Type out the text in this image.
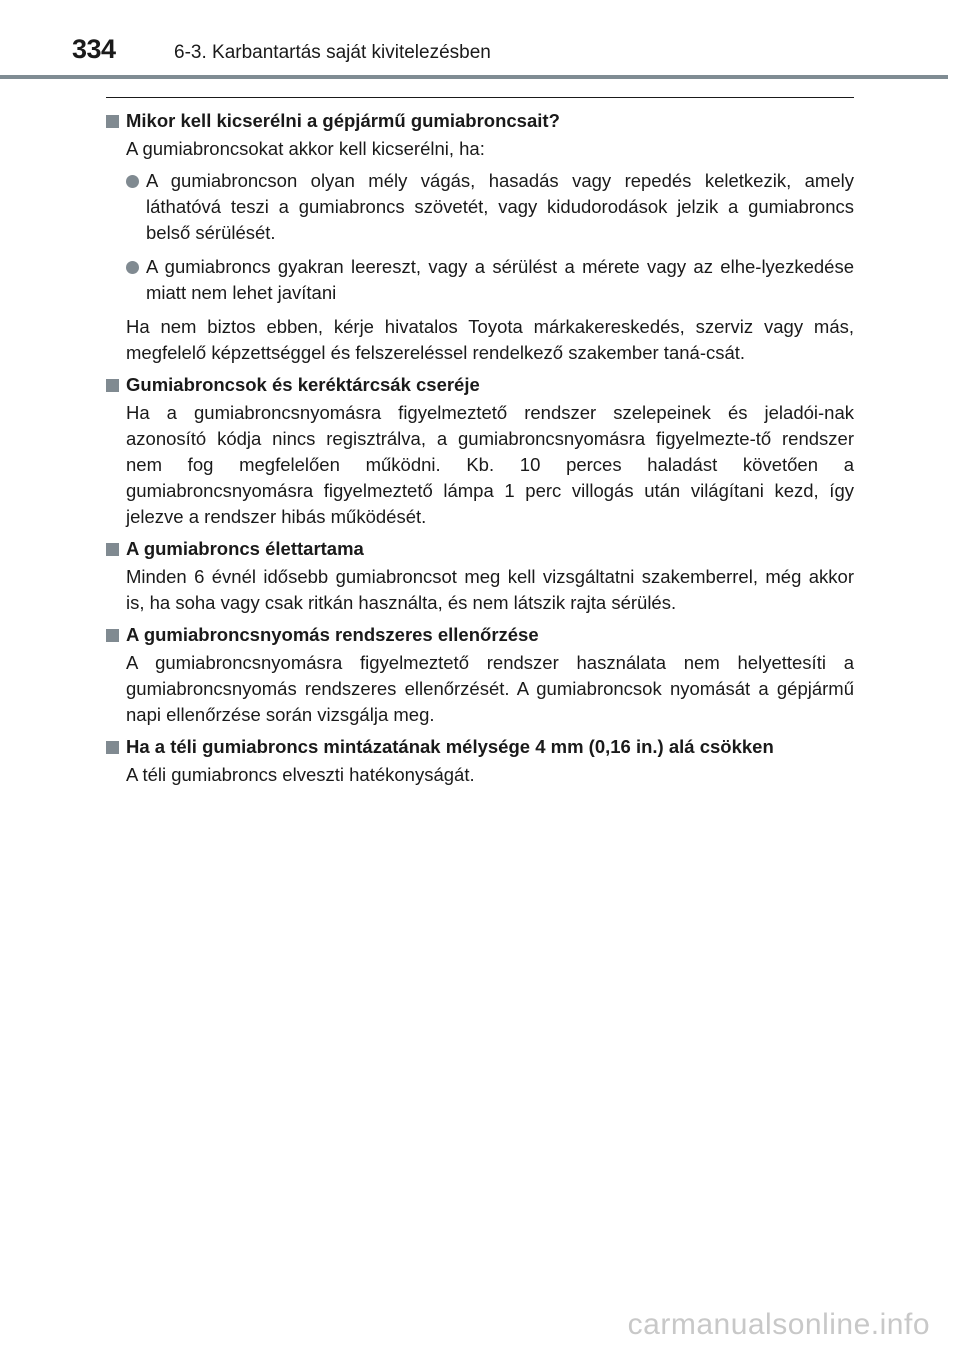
334	6-3. Karbantartás saját kivitelezésben
Mikor kell kicserélni a gépjármű gumiabroncsait?
A gumiabroncsokat akkor kell kicserélni, ha:
A gumiabroncson olyan mély vágás, hasadás vagy repedés keletkezik, amely láthatóvá teszi a gumiabroncs szövetét, vagy kidudorodások jelzik a gumiabroncs belső sérülését.
A gumiabroncs gyakran leereszt, vagy a sérülést a mérete vagy az elhe-lyezkedése miatt nem lehet javítani
Ha nem biztos ebben, kérje hivatalos Toyota márkakereskedés, szerviz vagy más, megfelelő képzettséggel és felszereléssel rendelkező szakember taná-csát.
Gumiabroncsok és keréktárcsák cseréje
Ha a gumiabroncsnyomásra figyelmeztető rendszer szelepeinek és jeladói-nak azonosító kódja nincs regisztrálva, a gumiabroncsnyomásra figyelmezte-tő rendszer nem fog megfelelően működni. Kb. 10 perces haladást követően a gumiabroncsnyomásra figyelmeztető lámpa 1 perc villogás után világítani kezd, így jelezve a rendszer hibás működését.
A gumiabroncs élettartama
Minden 6 évnél idősebb gumiabroncsot meg kell vizsgáltatni szakemberrel, még akkor is, ha soha vagy csak ritkán használta, és nem látszik rajta sérülés.
A gumiabroncsnyomás rendszeres ellenőrzése
A gumiabroncsnyomásra figyelmeztető rendszer használata nem helyettesíti a gumiabroncsnyomás rendszeres ellenőrzését. A gumiabroncsok nyomását a gépjármű napi ellenőrzése során vizsgálja meg.
Ha a téli gumiabroncs mintázatának mélysége 4 mm (0,16 in.) alá csökken
A téli gumiabroncs elveszti hatékonyságát.
carmanualsonline.info
